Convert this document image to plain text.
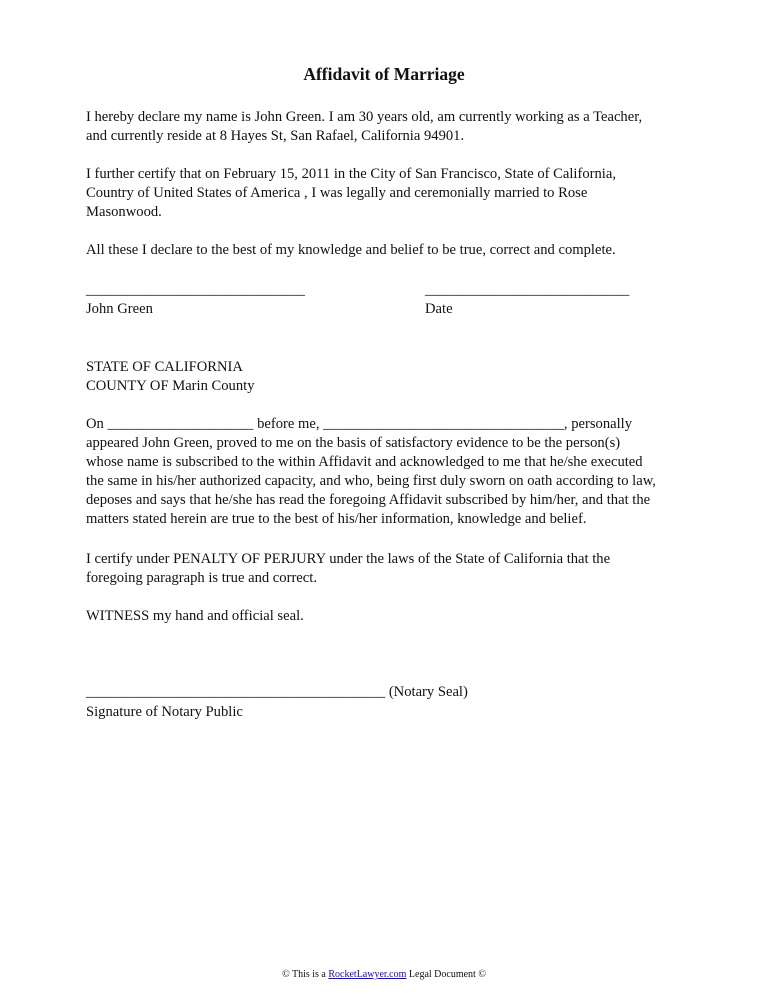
Affidavit of Marriage

I hereby declare my name is John Green. I am 30 years old, am currently working as a Teacher,

and currently reside at 8 Hayes St, San Rafael, California 94901.

I further certify that on February 15, 2011 in the City of San Francisco, State of California,

Country of United States of America , I was legally and ceremonially married to Rose

Masonwood.

All these I declare to the best of my knowledge and belief to be true, correct and complete.

______________________________	____________________________

John Green	Date

STATE OF CALIFORNIA

COUNTY OF Marin County

On ____________________ before me, _________________________________, personally

appeared John Green, proved to me on the basis of satisfactory evidence to be the person(s)

whose name is subscribed to the within Affidavit and acknowledged to me that he/she executed

the same in his/her authorized capacity, and who, being first duly sworn on oath according to law,

deposes and says that he/she has read the foregoing Affidavit subscribed by him/her, and that the

matters stated herein are true to the best of his/her information, knowledge and belief.

I certify under PENALTY OF PERJURY under the laws of the State of California that the

foregoing paragraph is true and correct.

WITNESS my hand and official seal.

_________________________________________ (Notary Seal)

Signature of Notary Public

© This is a RocketLawyer.com Legal Document ©
